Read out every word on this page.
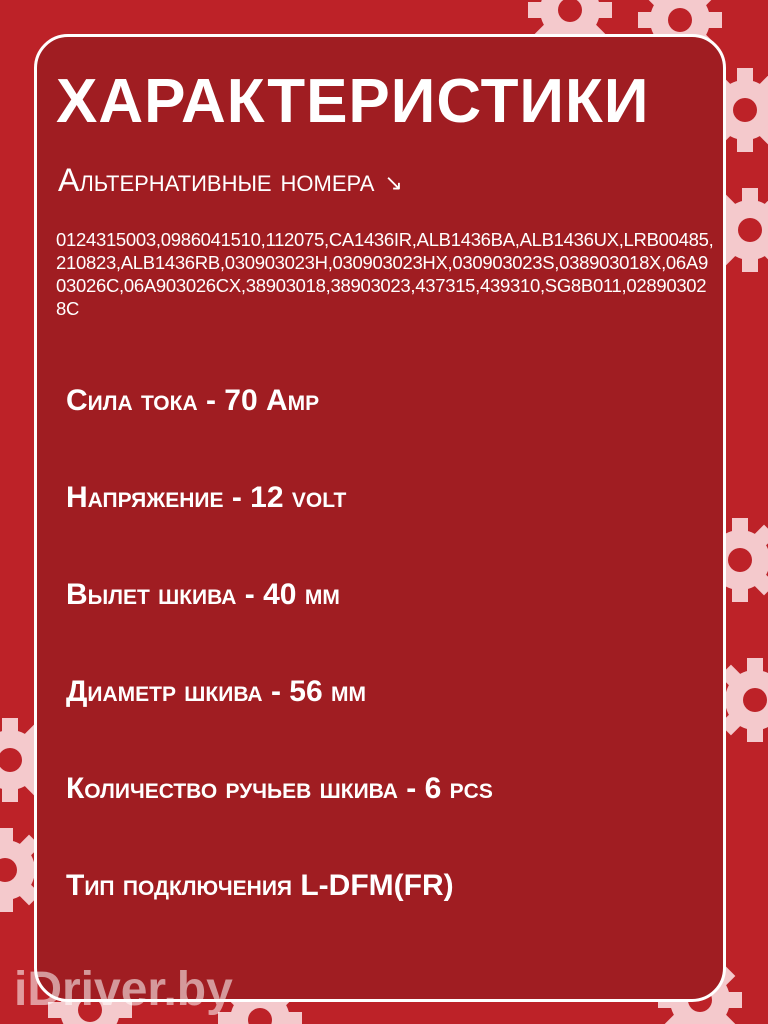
ХАРАКТЕРИСТИКИ
Альтернативные номера ↘
0124315003,0986041510,112075,CA1436IR,ALB1436BA,ALB1436UX,LRB00485,210823,ALB1436RB,030903023H,030903023HX,030903023S,038903018X,06A903026C,06A903026CX,38903018,38903023,437315,439310,SG8B011,028903028C
Сила тока - 70 Amp
Напряжение - 12 volt
Вылет шкива - 40 мм
Диаметр шкива - 56 мм
Количество ручьев шкива - 6 pcs
Тип подключения L-DFM(FR)
iDriver.by
